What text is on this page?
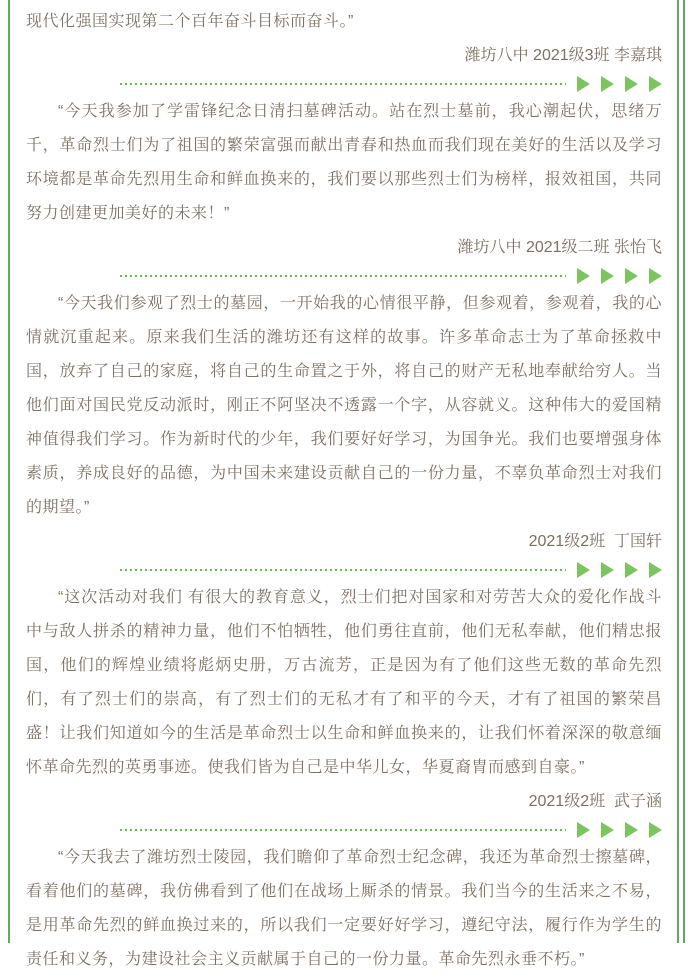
现代化强国实现第二个百年奋斗目标而奋斗。”

潍坊八中 2021级3班 李嘉琪

“今天我参加了学雷锋纪念日清扫墓碑活动。站在烈士墓前，我心潮起伏，思绪万千，革命烈士们为了祖国的繁荣富强而献出青春和热血而我们现在美好的生活以及学习环境都是革命先烈用生命和鲜血换来的，我们要以那些烈士们为榜样，报效祖国，共同努力创建更加美好的未来！”

潍坊八中 2021级二班 张怡飞

“今天我们参观了烈士的墓园，一开始我的心情很平静，但参观着，参观着，我的心情就沉重起来。原来我们生活的潍坊还有这样的故事。许多革命志士为了革命拯救中国，放弃了自己的家庭，将自己的生命置之于外，将自己的财产无私地奉献给穷人。当他们面对国民党反动派时，刚正不阿坚决不透露一个字，从容就义。这种伟大的爱国精神值得我们学习。作为新时代的少年，我们要好好学习，为国争光。我们也要增强身体素质，养成良好的品德，为中国未来建设贡献自己的一份力量，不辜负革命烈士对我们的期望。”

2021级2班  丁国轩

“这次活动对我们 有很大的教育意义，烈士们把对国家和对劳苦大众的爱化作战斗中与敌人拼杀的精神力量，他们不怕牺牲，他们勇往直前，他们无私奉献，他们精忠报国，他们的辉煌业绩将彪炳史册，万古流芳，正是因为有了他们这些无数的革命先烈们，有了烈士们的崇高，有了烈士们的无私才有了和平的今天，才有了祖国的繁荣昌盛！让我们知道如今的生活是革命烈士以生命和鲜血换来的，让我们怀着深深的敬意缅怀革命先烈的英勇事迹。使我们皆为自己是中华儿女，华夏裔胄而感到自豪。”

2021级2班  武子涵

“今天我去了潍坊烈士陵园，我们瞻仰了革命烈士纪念碑，我还为革命烈士擦墓碑，看着他们的墓碑，我仿佛看到了他们在战场上厮杀的情景。我们当今的生活来之不易，是用革命先烈的鲜血换过来的，所以我们一定要好好学习，遵纪守法，履行作为学生的责任和义务，为建设社会主义贡献属于自己的一份力量。革命先烈永垂不朽。”
